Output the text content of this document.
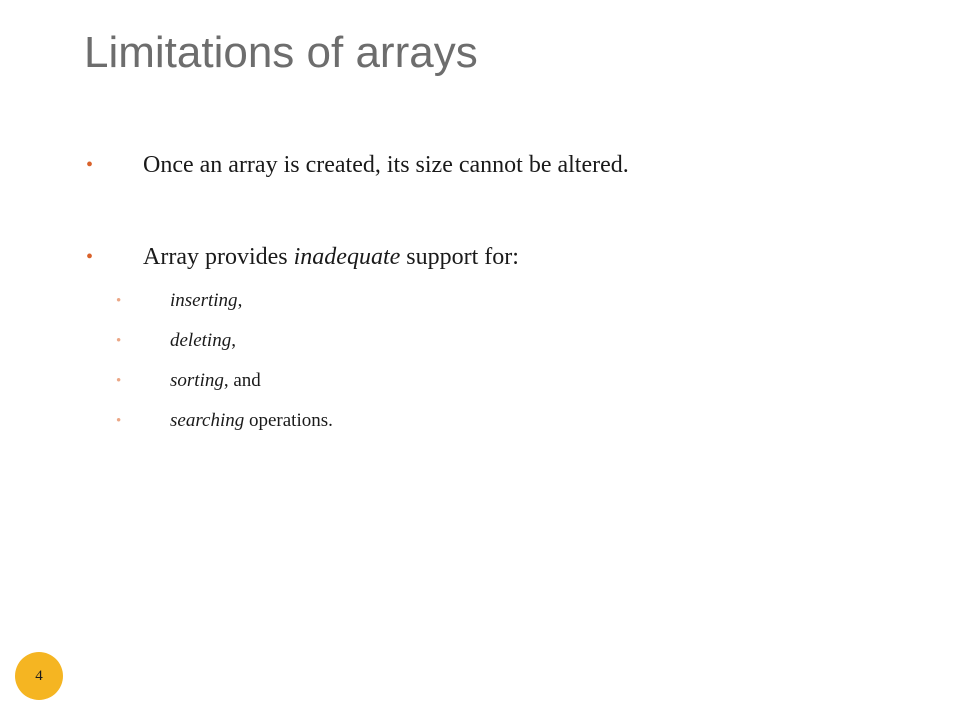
Limitations of arrays
• Once an array is created, its size cannot be altered.
• Array provides inadequate support for:
•	inserting,
•	deleting,
•	sorting, and
•	searching operations.
4
